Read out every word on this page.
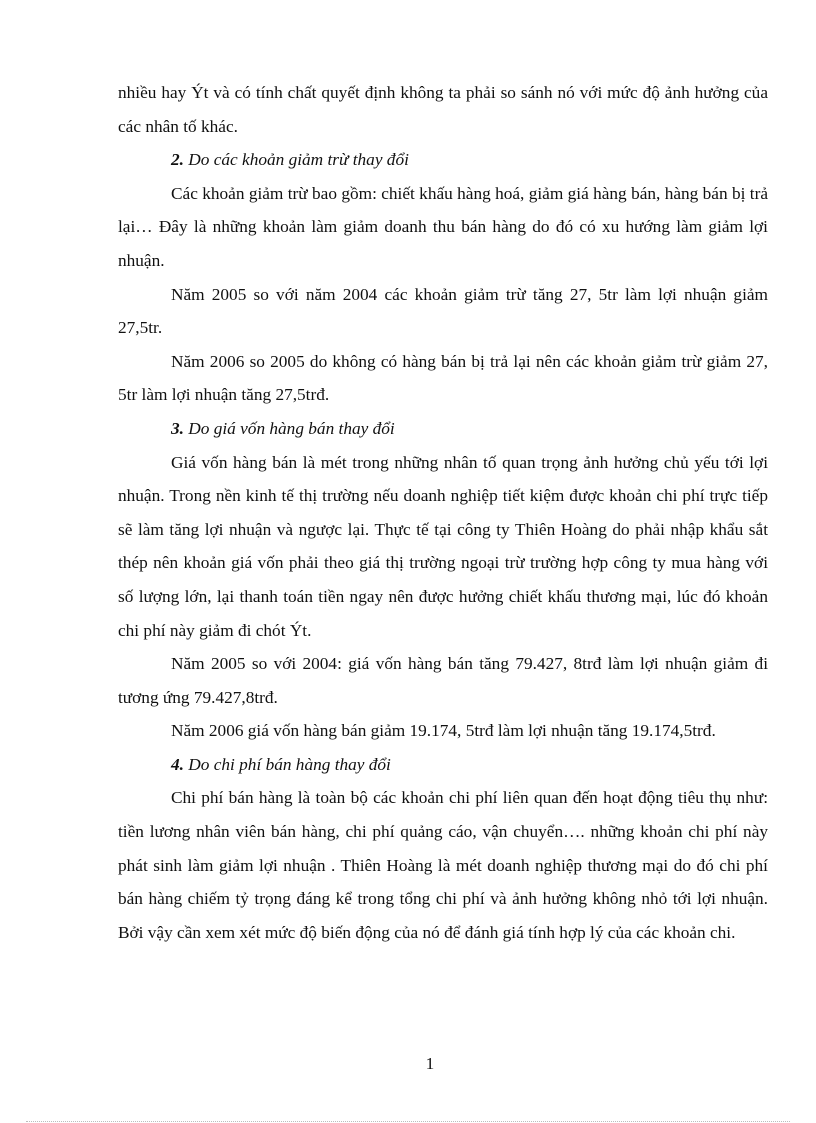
nhiều hay Ýt và có tính chất quyết định không ta phải so sánh nó với mức độ ảnh hưởng của các nhân tố khác.

2. Do các khoản giảm trừ thay đổi

Các khoản giảm trừ bao gồm: chiết khấu hàng hoá, giảm giá hàng bán, hàng bán bị trả lại… Đây là những khoản làm giảm doanh thu bán hàng do đó có xu hướng làm giảm lợi nhuận.

Năm 2005 so với năm 2004 các khoản giảm trừ tăng 27, 5tr làm lợi nhuận giảm 27,5tr.

Năm 2006 so 2005 do không có hàng bán bị trả lại nên các khoản giảm trừ giảm 27, 5tr làm lợi nhuận tăng 27,5trđ.

3. Do giá vốn hàng bán thay đổi

Giá vốn hàng bán là mét trong những nhân tố quan trọng ảnh hưởng chủ yếu tới lợi nhuận. Trong nền kinh tế thị trường nếu doanh nghiệp tiết kiệm được khoản chi phí trực tiếp sẽ làm tăng lợi nhuận và ngược lại. Thực tế tại công ty Thiên Hoàng do phải nhập khẩu sắt thép nên khoản giá vốn phải theo giá thị trường ngoại trừ trường hợp công ty mua hàng với số lượng lớn, lại thanh toán tiền ngay nên được hưởng chiết khấu thương mại, lúc đó khoản chi phí này giảm đi chót Ýt.

Năm 2005 so với 2004: giá vốn hàng bán tăng 79.427, 8trđ làm lợi nhuận giảm đi tương ứng 79.427,8trđ.

Năm 2006 giá vốn hàng bán giảm 19.174, 5trđ làm lợi nhuận tăng 19.174,5trđ.

4. Do chi phí bán hàng thay đổi

Chi phí bán hàng là toàn bộ các khoản chi phí liên quan đến hoạt động tiêu thụ như: tiền lương nhân viên bán hàng, chi phí quảng cáo, vận chuyển…. những khoản chi phí này phát sinh làm giảm lợi nhuận . Thiên Hoàng là mét doanh nghiệp thương mại do đó chi phí bán hàng chiếm tỷ trọng đáng kể trong tổng chi phí và ảnh hưởng không nhỏ tới lợi nhuận. Bởi vậy cần xem xét mức độ biến động của nó để đánh giá tính hợp lý của các khoản chi.

1
